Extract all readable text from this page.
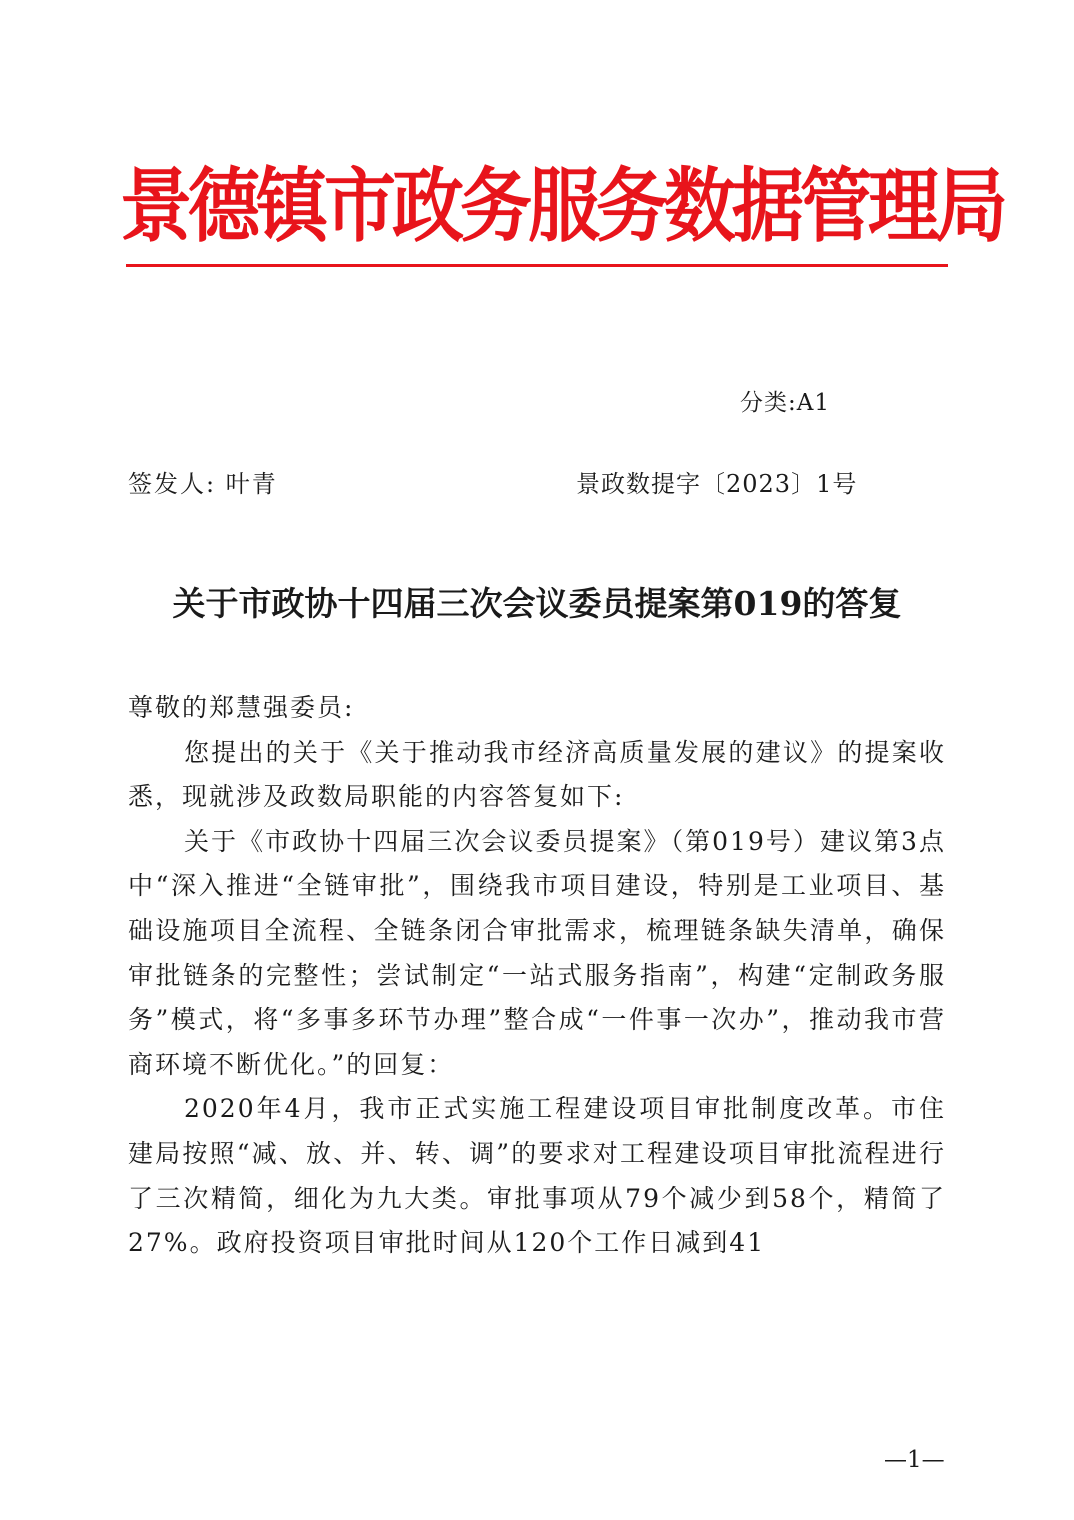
景德镇市政务服务数据管理局
分类:A1
签发人: 叶青	景政数提字〔2023〕1号
关于市政协十四届三次会议委员提案第019的答复

尊敬的郑慧强委员:

您提出的关于《关于推动我市经济高质量发展的建议》的提案收悉，现就涉及政数局职能的内容答复如下:

关于《市政协十四届三次会议委员提案》（第019号）建议第3点中“深入推进“全链审批”，围绕我市项目建设，特别是工业项目、基础设施项目全流程、全链条闭合审批需求，梳理链条缺失清单，确保审批链条的完整性；尝试制定“一站式服务指南”，构建“定制政务服务”模式，将“多事多环节办理”整合成“一件事一次办”，推动我市营商环境不断优化。”的回复：

2020年4月，我市正式实施工程建设项目审批制度改革。市住建局按照“减、放、并、转、调”的要求对工程建设项目审批流程进行了三次精简，细化为九大类。审批事项从79个减少到58个，精简了27%。政府投资项目审批时间从120个工作日减到41

—1—
